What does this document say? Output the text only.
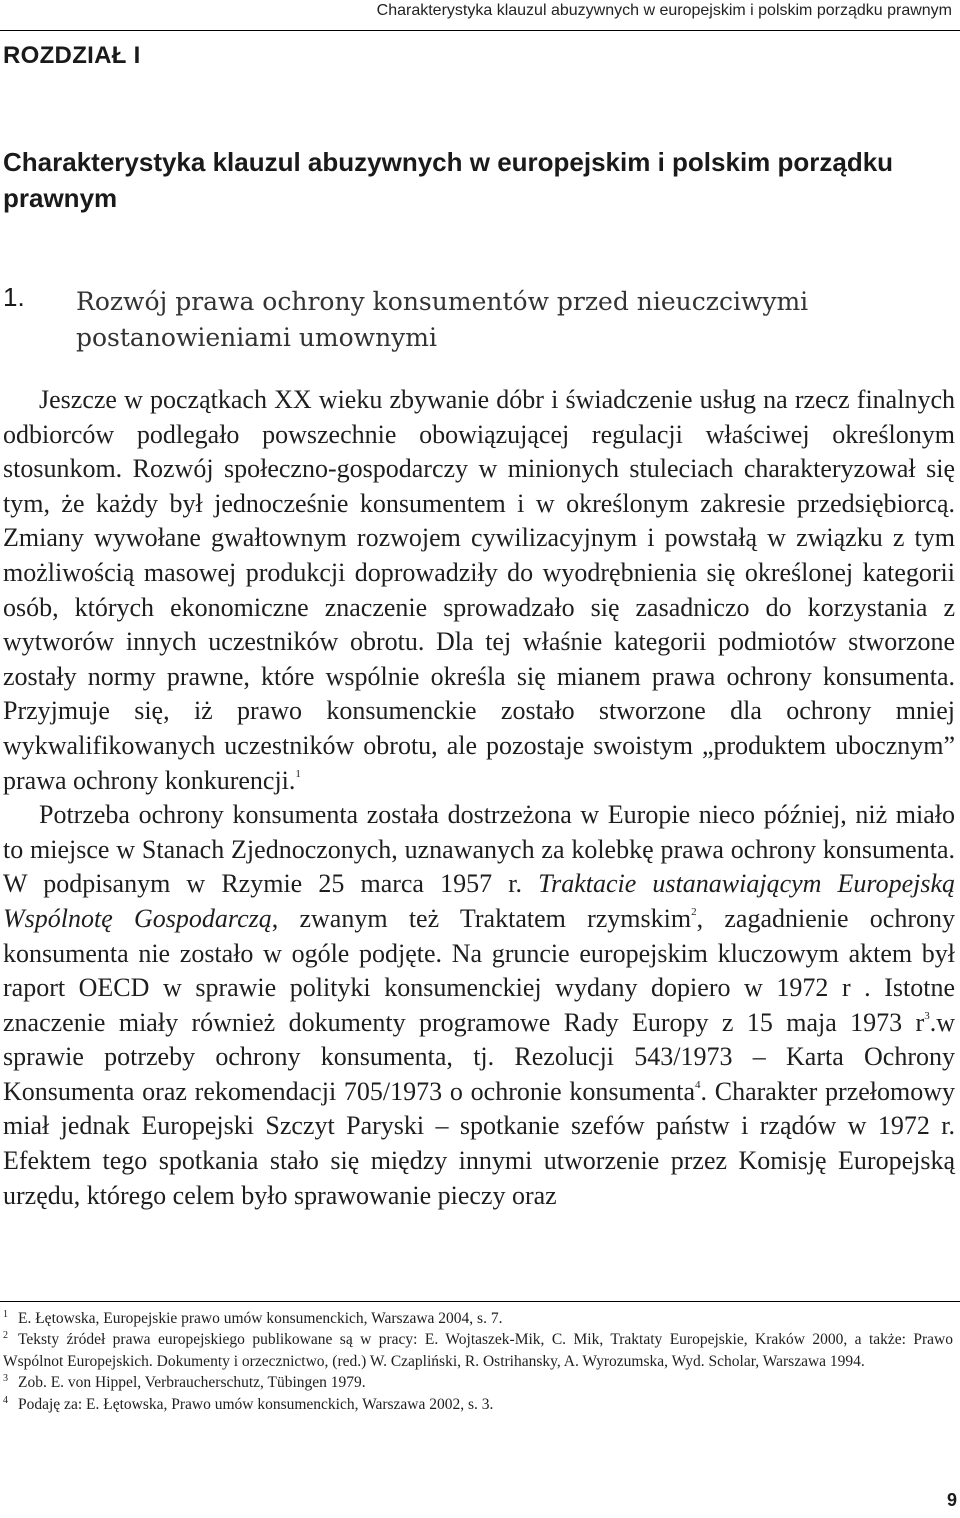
Charakterystyka klauzul abuzywnych w europejskim i polskim porządku prawnym
ROZDZIAŁ I
Charakterystyka klauzul abuzywnych w europejskim i polskim porządku prawnym
1. Rozwój prawa ochrony konsumentów przed nieuczciwymi postanowieniami umownymi

Jeszcze w początkach XX wieku zbywanie dóbr i świadczenie usług na rzecz finalnych odbiorców podlegało powszechnie obowiązującej regulacji właściwej określonym stosunkom. Rozwój społeczno-gospodarczy w minionych stuleciach charakteryzował się tym, że każdy był jednocześnie konsumentem i w określonym zakresie przedsiębiorcą. Zmiany wywołane gwałtownym rozwojem cywilizacyjnym i powstałą w związku z tym możliwością masowej produkcji doprowadziły do wyodrębnienia się określonej kategorii osób, których ekonomiczne znaczenie sprowadzało się zasadniczo do korzystania z wytworów innych uczestników obrotu. Dla tej właśnie kategorii podmiotów stworzone zostały normy prawne, które wspólnie określa się mianem prawa ochrony konsumenta. Przyjmuje się, iż prawo konsumenckie zostało stworzone dla ochrony mniej wykwalifikowanych uczestników obrotu, ale pozostaje swoistym „produktem ubocznym” prawa ochrony konkurencji.$^1$

Potrzeba ochrony konsumenta została dostrzeżona w Europie nieco później, niż miało to miejsce w Stanach Zjednoczonych, uznawanych za kolebkę prawa ochrony konsumenta. W podpisanym w Rzymie 25 marca 1957 r. Traktacie ustanawiającym Europejską Wspólnotę Gospodarczą, zwanym też Traktatem rzymskim$^2$, zagadnienie ochrony konsumenta nie zostało w ogóle podjęte. Na gruncie europejskim kluczowym aktem był raport OECD w sprawie polityki konsumenckiej wydany dopiero w 1972 r . Istotne znaczenie miały również dokumenty programowe Rady Europy z 15 maja 1973 $r^3.w$ sprawie potrzeby ochrony konsumenta, tj. Rezolucji 543/1973 – Karta Ochrony Konsumenta oraz rekomendacji 705/1973 o ochronie konsumenta$^4$. Charakter przełomowy miał jednak Europejski Szczyt Paryski – spotkanie szefów państw i rządów w 1972 r. Efektem tego spotkania stało się między innymi utworzenie przez Komisję Europejską urzędu, którego celem było sprawowanie pieczy oraz

$^1$ E. Łętowska, Europejskie prawo umów konsumenckich, Warszawa 2004, s. 7.

$^2$ Teksty źródeł prawa europejskiego publikowane są w pracy: E. Wojtaszek-Mik, C. Mik, Traktaty Europejskie, Kraków 2000, a także: Prawo Wspólnot Europejskich. Dokumenty i orzecznictwo, (red.) W. Czapliński, R. Ostrihansky, A. Wyrozumska, Wyd. Scholar, Warszawa 1994.

$^3$ Zob. E. von Hippel, Verbraucherschutz, Tübingen 1979.

$^4$ Podaję za: E. Łętowska, Prawo umów konsumenckich, Warszawa 2002, s. 3.

9
